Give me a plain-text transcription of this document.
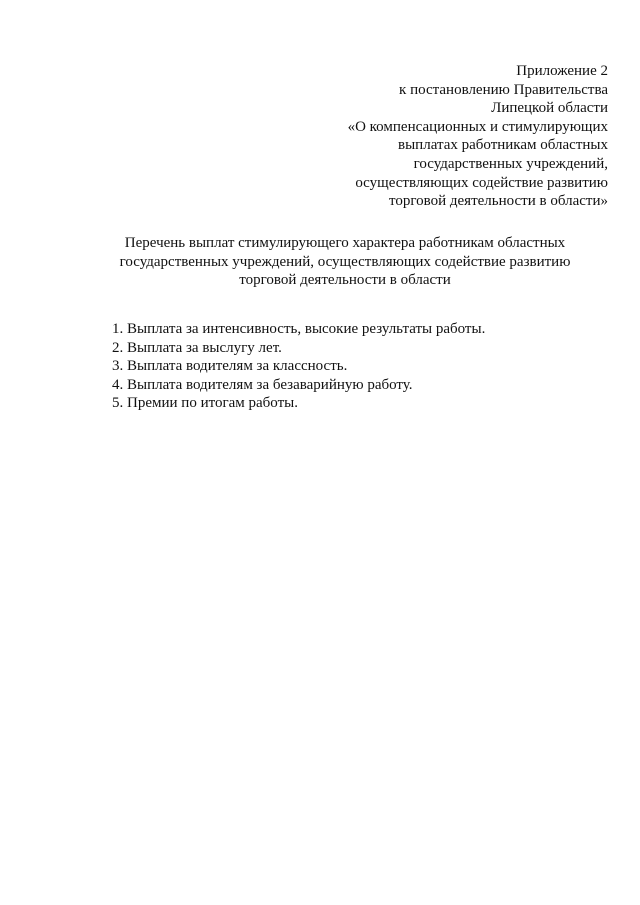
Приложение 2
к постановлению Правительства
Липецкой области
«О компенсационных и стимулирующих
выплатах работникам областных
государственных учреждений,
осуществляющих содействие развитию
торговой деятельности в области»
Перечень выплат стимулирующего характера работникам областных
государственных учреждений, осуществляющих содействие развитию
торговой деятельности в области
1. Выплата за интенсивность, высокие результаты работы.
2. Выплата за выслугу лет.
3. Выплата водителям за классность.
4. Выплата водителям за безаварийную работу.
5. Премии по итогам работы.
